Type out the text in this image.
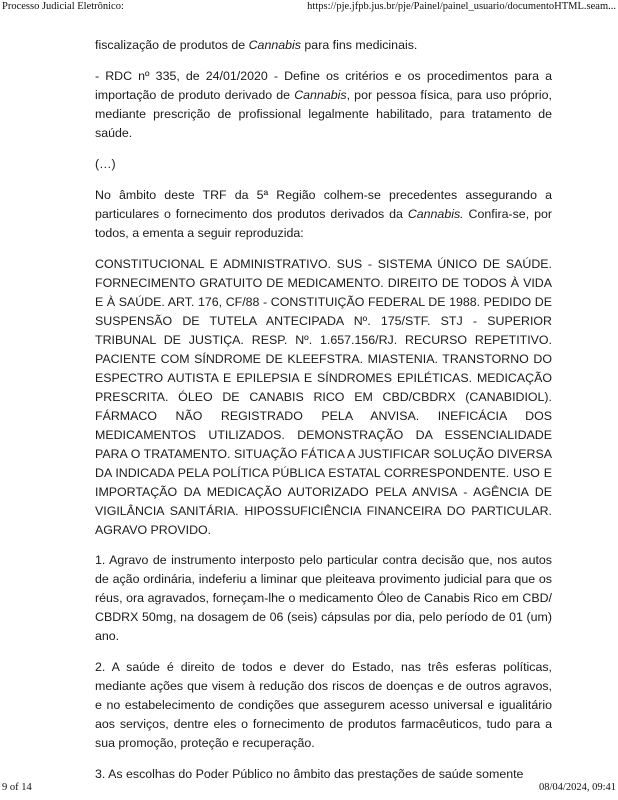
Processo Judicial Eletrônico:	https://pje.jfpb.jus.br/pje/Painel/painel_usuario/documentoHTML.seam...

fiscalização de produtos de Cannabis para fins medicinais.

- RDC nº 335, de 24/01/2020 - Define os critérios e os procedimentos para a importação de produto derivado de Cannabis, por pessoa física, para uso próprio, mediante prescrição de profissional legalmente habilitado, para tratamento de saúde.

(…)

No âmbito deste TRF da 5ª Região colhem-se precedentes assegurando a particulares o fornecimento dos produtos derivados da Cannabis. Confira-se, por todos, a ementa a seguir reproduzida:

CONSTITUCIONAL E ADMINISTRATIVO. SUS - SISTEMA ÚNICO DE SAÚDE. FORNECIMENTO GRATUITO DE MEDICAMENTO. DIREITO DE TODOS À VIDA E À SAÚDE. ART. 176, CF/88 - CONSTITUIÇÃO FEDERAL DE 1988. PEDIDO DE SUSPENSÃO DE TUTELA ANTECIPADA Nº. 175/STF. STJ - SUPERIOR TRIBUNAL DE JUSTIÇA. RESP. Nº. 1.657.156/RJ. RECURSO REPETITIVO. PACIENTE COM SÍNDROME DE KLEEFSTRA. MIASTENIA. TRANSTORNO DO ESPECTRO AUTISTA E EPILEPSIA E SÍNDROMES EPILÉTICAS. MEDICAÇÃO PRESCRITA. ÓLEO DE CANABIS RICO EM CBD/CBDRX (CANABIDIOL). FÁRMACO NÃO REGISTRADO PELA ANVISA. INEFICÁCIA DOS MEDICAMENTOS UTILIZADOS. DEMONSTRAÇÃO DA ESSENCIALIDADE PARA O TRATAMENTO. SITUAÇÃO FÁTICA A JUSTIFICAR SOLUÇÃO DIVERSA DA INDICADA PELA POLÍTICA PÚBLICA ESTATAL CORRESPONDENTE. USO E IMPORTAÇÃO DA MEDICAÇÃO AUTORIZADO PELA ANVISA - AGÊNCIA DE VIGILÂNCIA SANITÁRIA. HIPOSSUFICIÊNCIA FINANCEIRA DO PARTICULAR. AGRAVO PROVIDO.

1. Agravo de instrumento interposto pelo particular contra decisão que, nos autos de ação ordinária, indeferiu a liminar que pleiteava provimento judicial para que os réus, ora agravados, forneçam-lhe o medicamento Óleo de Canabis Rico em CBD/ CBDRX 50mg, na dosagem de 06 (seis) cápsulas por dia, pelo período de 01 (um) ano.

2. A saúde é direito de todos e dever do Estado, nas três esferas políticas, mediante ações que visem à redução dos riscos de doenças e de outros agravos, e no estabelecimento de condições que assegurem acesso universal e igualitário aos serviços, dentre eles o fornecimento de produtos farmacêuticos, tudo para a sua promoção, proteção e recuperação.

3. As escolhas do Poder Público no âmbito das prestações de saúde somente

9 of 14	08/04/2024, 09:41
